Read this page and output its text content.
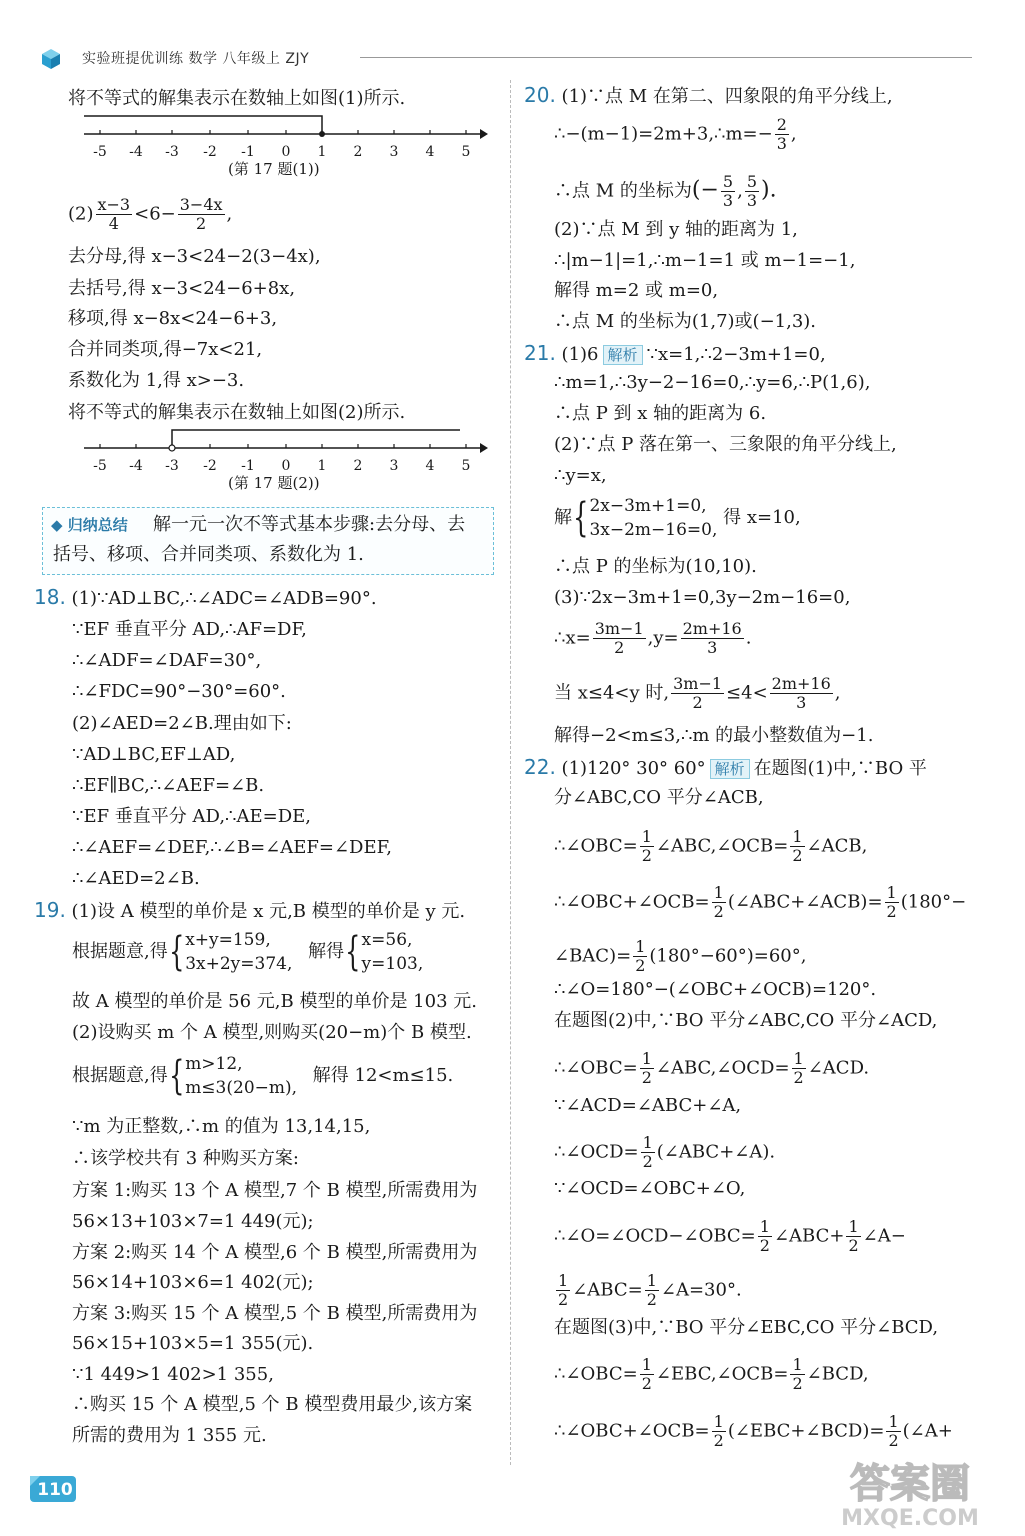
实验班提优训练 数学 八年级上 ZJY
将不等式的解集表示在数轴上如图(1)所示.
-5 -4 -3 -2 -1 0 1 2 3 4 5
(第 17 题(1))
$(2) \frac{x-3}{4} <6- \frac{3-4x}{2}$ ,
去分母,得 x−3<24−2(3−4x),
去括号,得 x−3<24−6+8x,
移项,得 x−8x<24−6+3,
合并同类项,得−7x<21,
系数化为 1,得 x>−3.
将不等式的解集表示在数轴上如图(2)所示.
-5 -4 -3 -2 -1 0 1 2 3 4 5
(第 17 题(2))
◆ 归纳总结 解一元一次不等式基本步骤:去分母、去
括号、移项、合并同类项、系数化为 1.
18. (1)∵AD⊥BC,∴∠ADC=∠ADB=90°.
∵EF 垂直平分 AD,∴AF=DF,
∴∠ADF=∠DAF=30°,
∴∠FDC=90°−30°=60°.
(2)∠AED=2∠B.理由如下:
∵AD⊥BC,EF⊥AD,
∴EF∥BC,∴∠AEF=∠B.
∵EF 垂直平分 AD,∴AE=DE,
∴∠AEF=∠DEF,∴∠B=∠AEF=∠DEF,
∴∠AED=2∠B.
19. (1)设 A 模型的单价是 x 元,B 模型的单价是 y 元.
根据题意,得{ x+y=159,
3x+2y=374,
解得{ x=56,
y=103,
故 A 模型的单价是 56 元,B 模型的单价是 103 元.
(2)设购买 m 个 A 模型,则购买(20−m)个 B 模型.
根据题意,得{ m>12,
m≤3(20−m),
解得 12<m≤15.
∵m 为正整数,∴m 的值为 13,14,15,
∴该学校共有 3 种购买方案:
方案 1:购买 13 个 A 模型,7 个 B 模型,所需费用为
56×13+103×7=1 449(元);
方案 2:购买 14 个 A 模型,6 个 B 模型,所需费用为
56×14+103×6=1 402(元);
方案 3:购买 15 个 A 模型,5 个 B 模型,所需费用为
56×15+103×5=1 355(元).
∵1 449>1 402>1 355,
∴购买 15 个 A 模型,5 个 B 模型费用最少,该方案
所需的费用为 1 355 元.
20. (1)∵点 M 在第二、四象限的角平分线上,
∴−(m−1)=2m+3,∴m=− $\frac{2}{3}$ ,
∴点 M 的坐标为(− $\frac{5}{3}$ , $\frac{5}{3}$ ).
(2)∵点 M 到 y 轴的距离为 1,
∴|m−1|=1,∴m−1=1 或 m−1=−1,
解得 m=2 或 m=0,
∴点 M 的坐标为(1,7)或(−1,3).
21. (1)6 解析 ∵x=1,∴2−3m+1=0,
∴m=1,∴3y−2−16=0,∴y=6,∴P(1,6),
∴点 P 到 x 轴的距离为 6.
(2)∵点 P 落在第一、三象限的角平分线上,
∴y=x,
解{ 2x−3m+1=0,
3x−2m−16=0,
得 x=10,
∴点 P 的坐标为(10,10).
(3)∵2x−3m+1=0,3y−2m−16=0,
∴x= $\frac{3m-1}{2} ,y= \frac{2m+16}{3}$ .
当 x≤4<y 时, $\frac{3m-1}{2} \le 4< \frac{2m+16}{3}$ ,
解得−2<m≤3,∴m 的最小整数值为−1.
22. (1)120° 30° 60° 解析 在题图(1)中,∵BO 平
分∠ABC,CO 平分∠ACB,
∴∠OBC= $\frac{1}{2}$ ∠ABC,∠OCB= $\frac{1}{2}$ ∠ACB,
∴∠OBC+∠OCB= $\frac{1}{2}$ (∠ABC+∠ACB)= $\frac{1}{2} (180^\circ-$
∠BAC)= $\frac{1}{2} (180^\circ-60^\circ)=60^\circ$,
∴∠O=180°−(∠OBC+∠OCB)=120°.
在题图(2)中,∵BO 平分∠ABC,CO 平分∠ACD,
∴∠OBC= $\frac{1}{2}$ ∠ABC,∠OCD= $\frac{1}{2}$ ∠ACD.
∵∠ACD=∠ABC+∠A,
∴∠OCD= $\frac{1}{2}$ (∠ABC+∠A).
∵∠OCD=∠OBC+∠O,
∴∠O=∠OCD−∠OBC= $\frac{1}{2}$ ∠ABC+ $\frac{1}{2}$ ∠A−
$\frac{1}{2}$ ∠ABC= $\frac{1}{2}$ ∠A=30°.
在题图(3)中,∵BO 平分∠EBC,CO 平分∠BCD,
∴∠OBC= $\frac{1}{2}$ ∠EBC,∠OCB= $\frac{1}{2}$ ∠BCD,
∴∠OBC+∠OCB= $\frac{1}{2}$ (∠EBC+∠BCD)= $\frac{1}{2}$ (∠A+
110	答案圈
MXQE.COM
